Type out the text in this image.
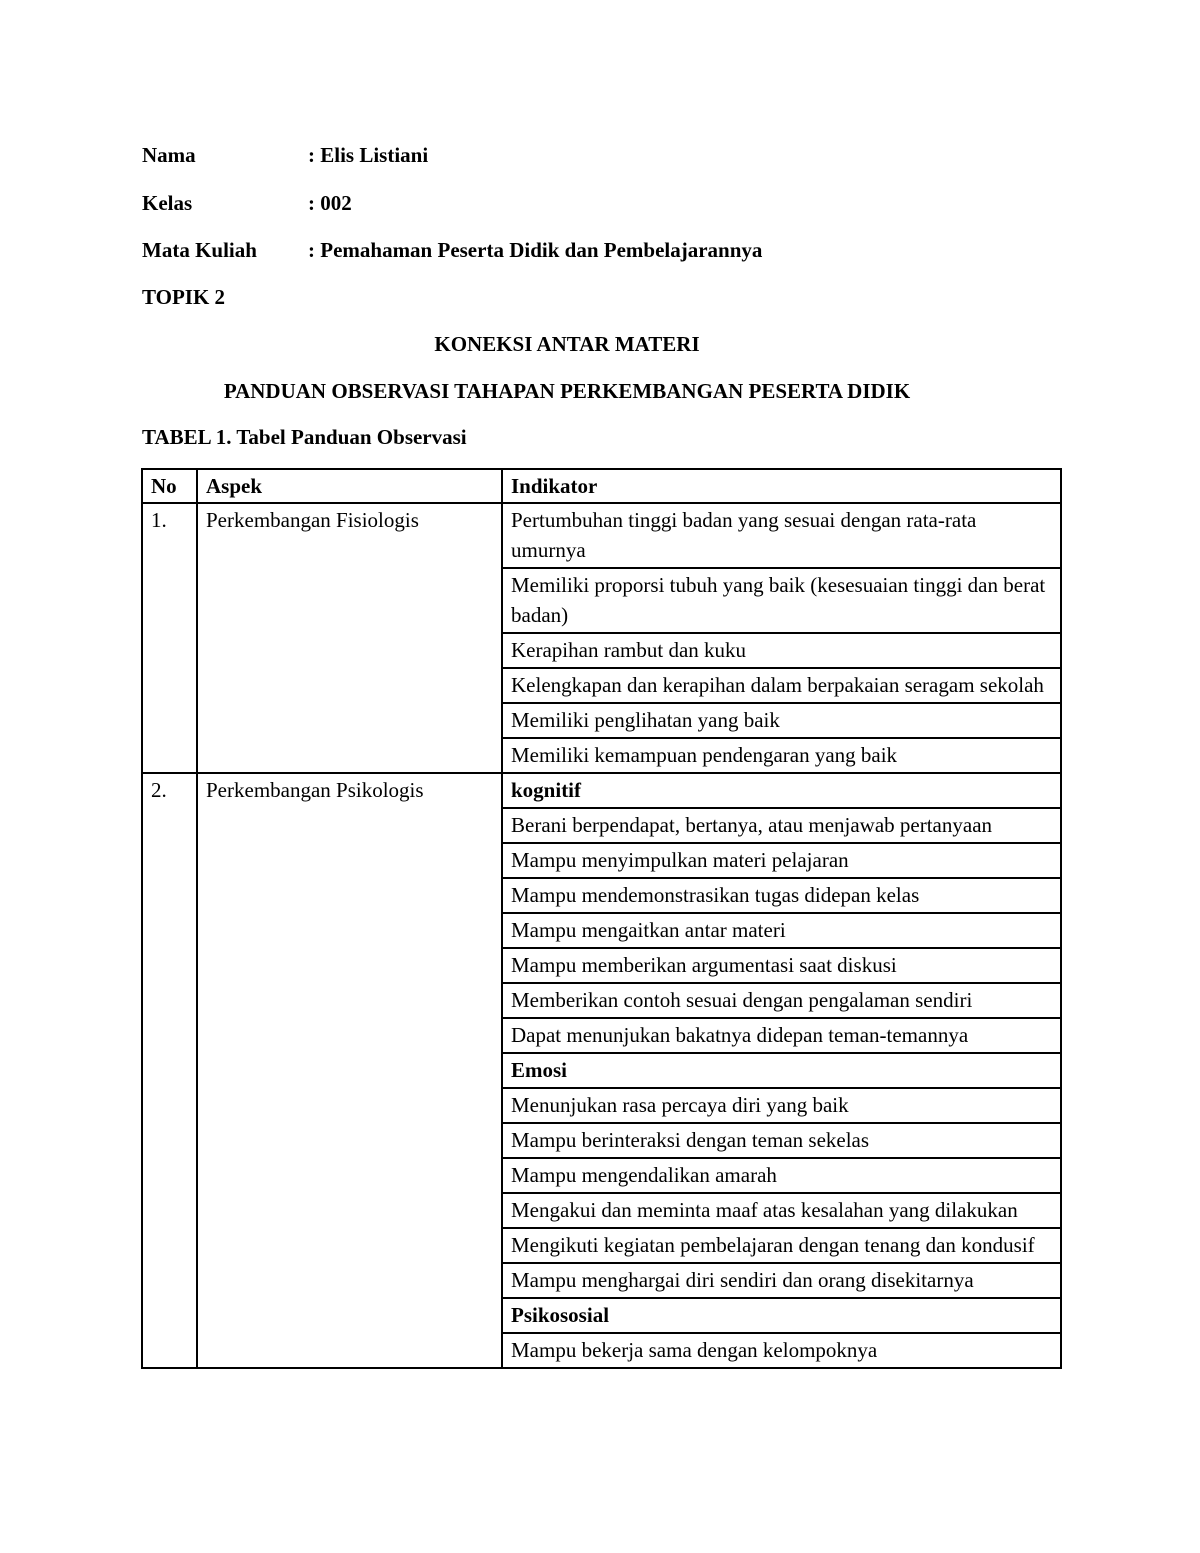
Nama	: Elis Listiani
Kelas	: 002
Mata Kuliah : Pemahaman Peserta Didik dan Pembelajarannya
TOPIK 2
KONEKSI ANTAR MATERI
PANDUAN OBSERVASI TAHAPAN PERKEMBANGAN PESERTA DIDIK
TABEL 1. Tabel Panduan Observasi
No	Aspek	Indikator
1.	Perkembangan Fisiologis	Pertumbuhan tinggi badan yang sesuai dengan rata-rata umurnya
		Memiliki proporsi tubuh yang baik (kesesuaian tinggi dan berat badan)
		Kerapihan rambut dan kuku
		Kelengkapan dan kerapihan dalam berpakaian seragam sekolah
		Memiliki penglihatan yang baik
		Memiliki kemampuan pendengaran yang baik
2.	Perkembangan Psikologis	kognitif
		Berani berpendapat, bertanya, atau menjawab pertanyaan
		Mampu menyimpulkan materi pelajaran
		Mampu mendemonstrasikan tugas didepan kelas
		Mampu mengaitkan antar materi
		Mampu memberikan argumentasi saat diskusi
		Memberikan contoh sesuai dengan pengalaman sendiri
		Dapat menunjukan bakatnya didepan teman-temannya
		Emosi
		Menunjukan rasa percaya diri yang baik
		Mampu berinteraksi dengan teman sekelas
		Mampu mengendalikan amarah
		Mengakui dan meminta maaf atas kesalahan yang dilakukan
		Mengikuti kegiatan pembelajaran dengan tenang dan kondusif
		Mampu menghargai diri sendiri dan orang disekitarnya
		Psikososial
		Mampu bekerja sama dengan kelompoknya
